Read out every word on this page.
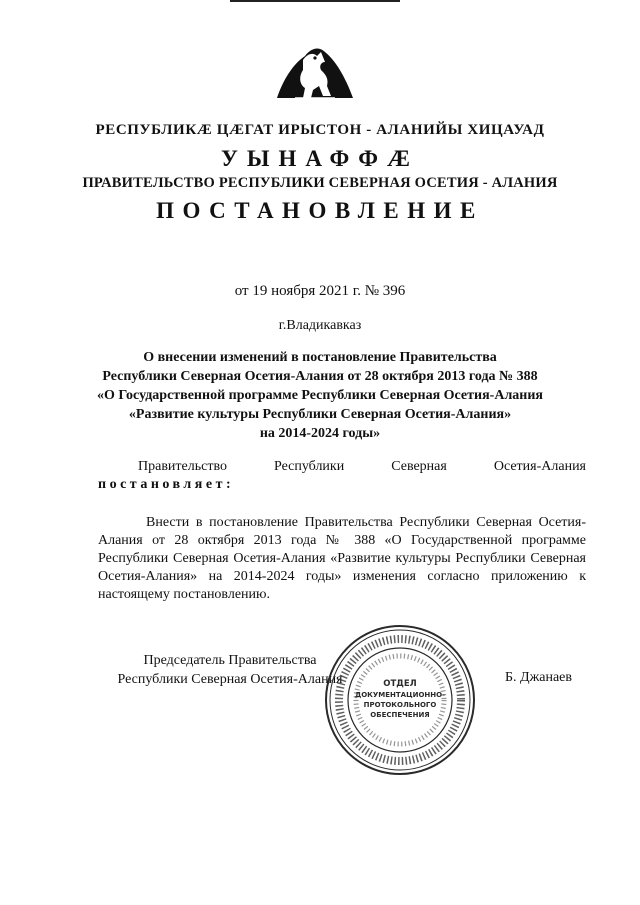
РЕСПУБЛИКÆ ЦÆГАТ ИРЫСТОН - АЛАНИЙЫ ХИЦАУАД
УЫНАФФÆ
ПРАВИТЕЛЬСТВО РЕСПУБЛИКИ СЕВЕРНАЯ ОСЕТИЯ - АЛАНИЯ
ПОСТАНОВЛЕНИЕ
от 19 ноября 2021 г. № 396
г.Владикавказ
О внесении изменений в постановление Правительства
Республики Северная Осетия-Алания от 28 октября 2013 года № 388
«О Государственной программе Республики Северная Осетия-Алания
«Развитие культуры Республики Северная Осетия-Алания»
на 2014-2024 годы»
Правительство	Республики	Северная	Осетия-Алания
постановляет:
Внести в постановление Правительства Республики Северная Осетия-Алания от 28 октября 2013 года № 388 «О Государственной программе Республики Северная Осетия-Алания «Развитие культуры Республики Северная Осетия-Алания» на 2014-2024 годы» изменения согласно приложению к настоящему постановлению.
Председатель Правительства
Республики Северная Осетия-Алания	Б. Джанаев
ОТДЕЛ
ДОКУМЕНТАЦИОННО-
ПРОТОКОЛЬНОГО
ОБЕСПЕЧЕНИЯ
